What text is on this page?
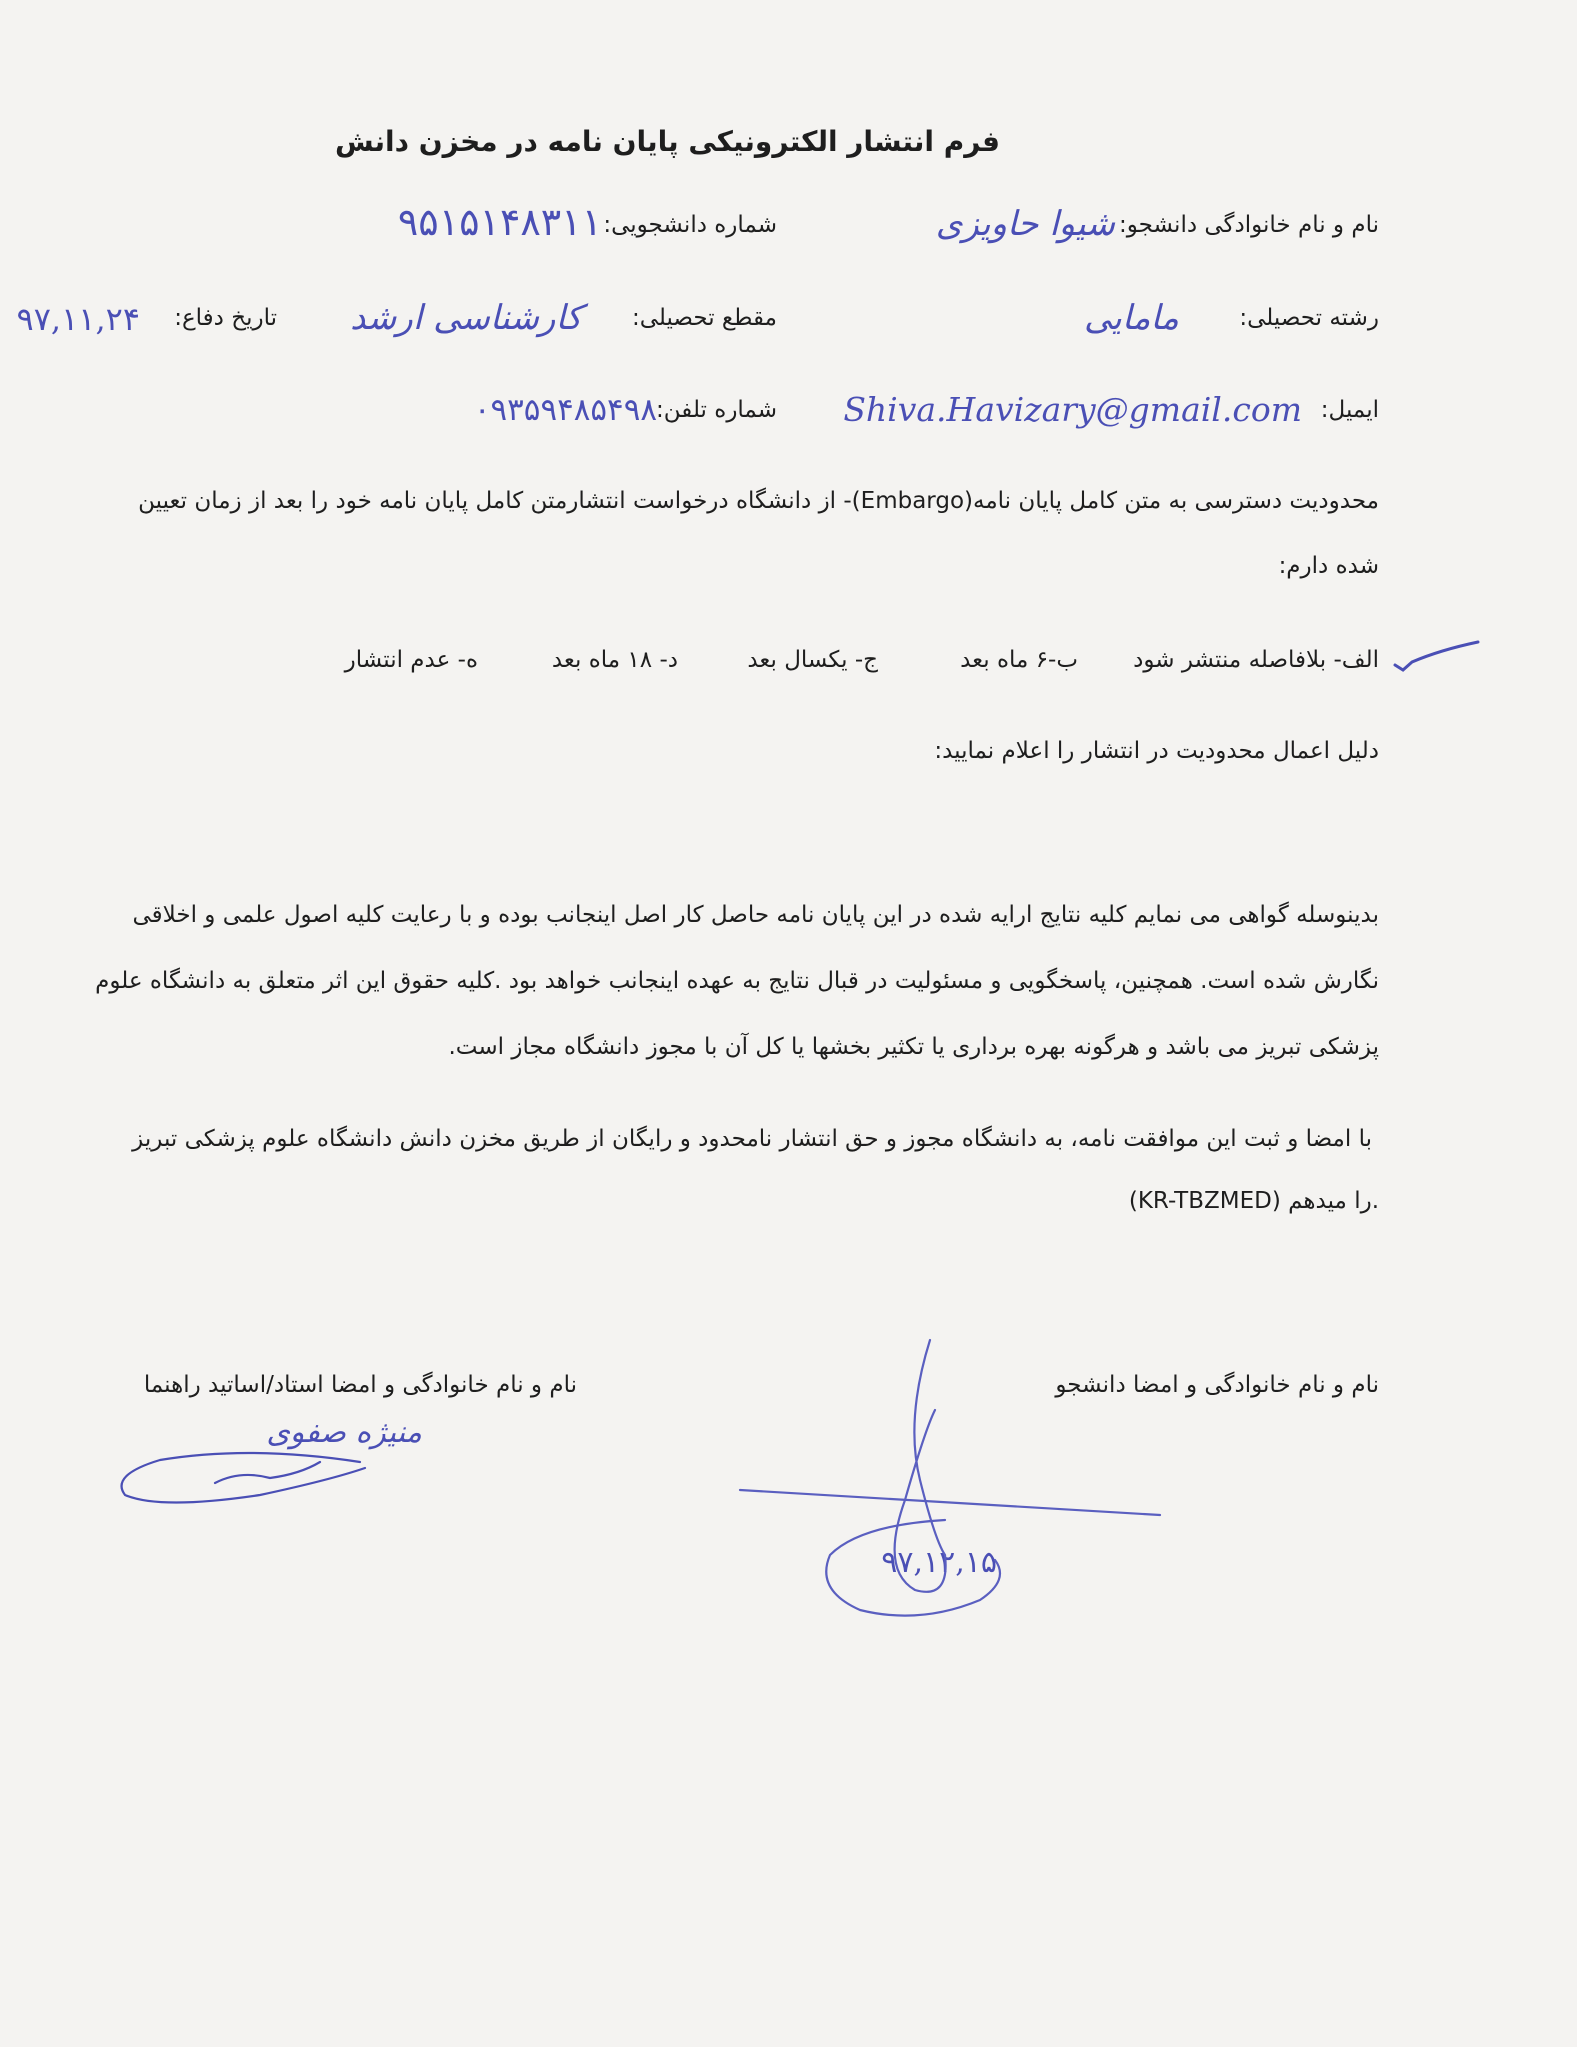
فرم انتشار الکترونیکی پایان نامه در مخزن دانش
نام و نام خانوادگی دانشجو:
شیوا حاویزی
شماره دانشجویی:
۹۵۱۵۱۴۸۳۱۱
رشته تحصیلی:
مامایی
مقطع تحصیلی:
کارشناسی ارشد
تاریخ دفاع:
۹۷,۱۱,۲۴
ایمیل:
Shiva.Havizary@gmail.com
شماره تلفن:
۰۹۳۵۹۴۸۵۴۹۸
محدودیت دسترسی به متن کامل پایان نامه(Embargo)- از دانشگاه درخواست انتشارمتن کامل پایان نامه خود را بعد از زمان تعیین
شده دارم:
الف- بلافاصله منتشر شود
ب-۶ ماه بعد
ج- یکسال بعد
د- ۱۸ ماه بعد
ه- عدم انتشار
دلیل اعمال محدودیت در انتشار را اعلام نمایید:
بدینوسله گواهی می نمایم کلیه نتایج ارایه شده در این پایان نامه حاصل کار اصل اینجانب بوده و با رعایت کلیه اصول علمی و اخلاقی
نگارش شده است. همچنین، پاسخگویی و مسئولیت در قبال نتایج به عهده اینجانب خواهد بود .کلیه حقوق این اثر متعلق به دانشگاه علوم
پزشکی تبریز می باشد و هرگونه بهره برداری یا تکثیر بخشها یا کل آن با مجوز دانشگاه مجاز است.
با امضا و ثبت این موافقت نامه، به دانشگاه مجوز و حق انتشار نامحدود و رایگان از طریق مخزن دانش دانشگاه علوم پزشکی تبریز
(KR-TBZMED) را میدهم.
نام و نام خانوادگی و امضا دانشجو
نام و نام خانوادگی و امضا استاد/اساتید راهنما
منیژه صفوی
۹۷,۱۲,۱۵
